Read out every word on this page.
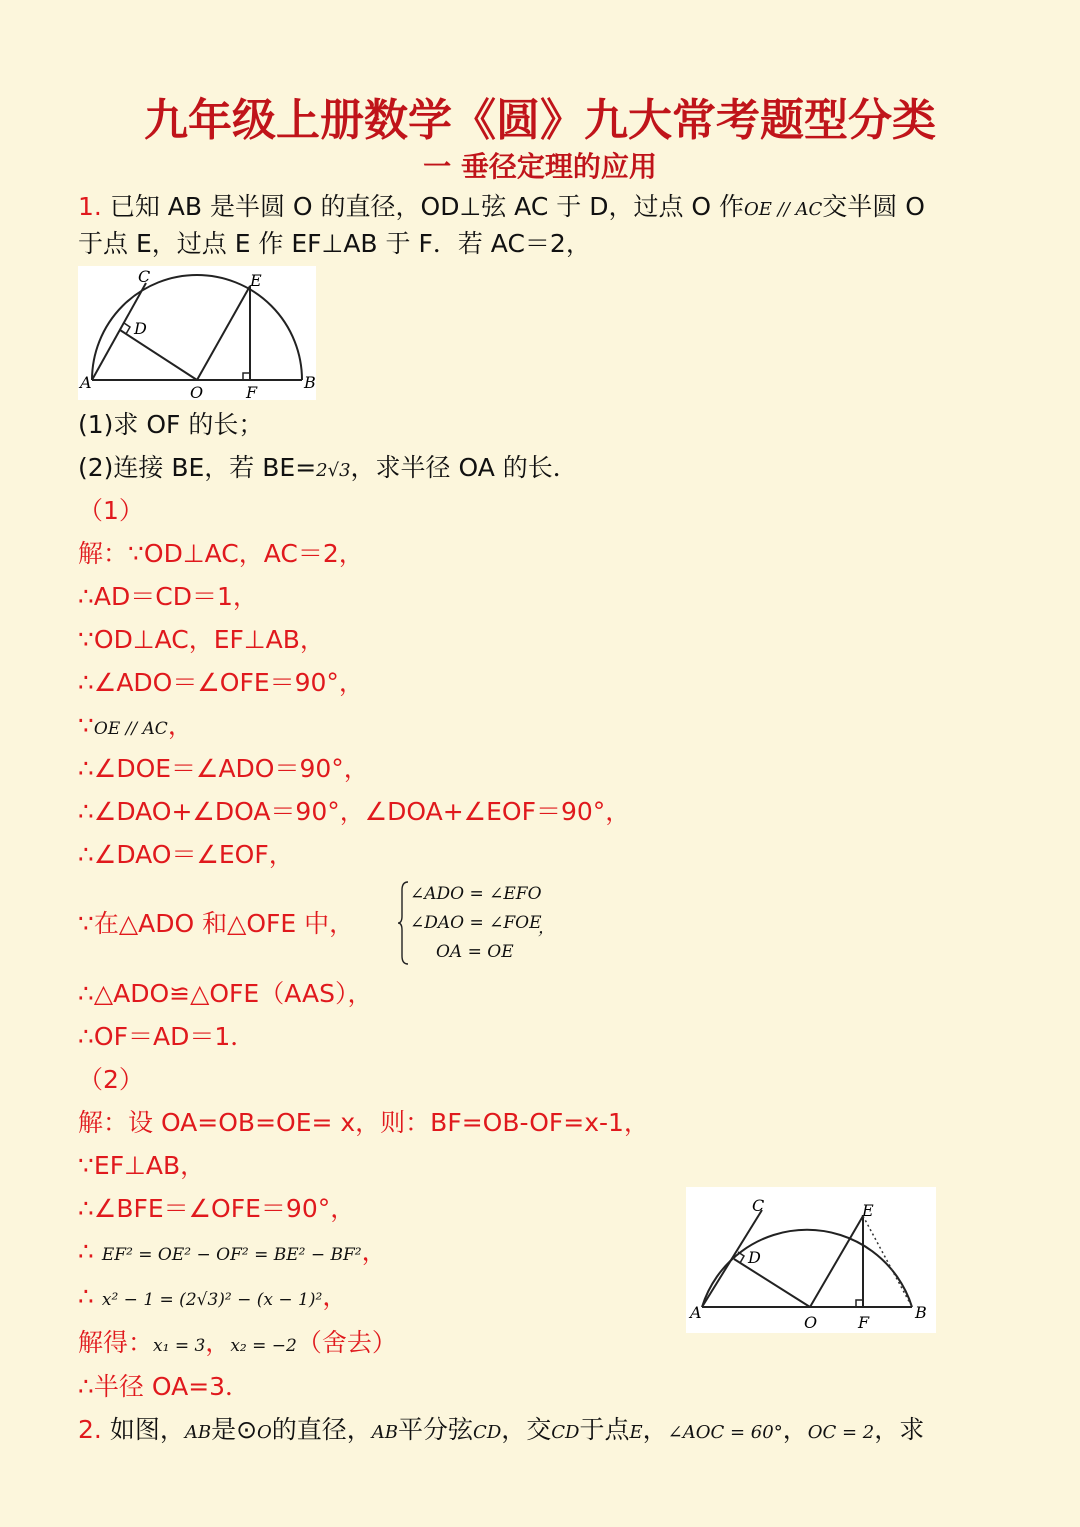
九年级上册数学《圆》九大常考题型分类
一 垂径定理的应用
1. 已知 AB 是半圆 O 的直径，OD⊥弦 AC 于 D，过点 O 作OE // AC交半圆 O
于点 E，过点 E 作 EF⊥AB 于 F．若 AC＝2，
C	E
D
A
O	F
B
(1)求 OF 的长；
(2)连接 BE，若 BE=2√3，求半径 OA 的长．
（1）
解：∵OD⊥AC，AC＝2，
∴AD＝CD＝1，
∵OD⊥AC，EF⊥AB，
∴∠ADO＝∠OFE＝90°，
∵OE // AC，
∴∠DOE＝∠ADO＝90°，
∴∠DAO+∠DOA＝90°，∠DOA+∠EOF＝90°，
∴∠DAO＝∠EOF，
∵在△ADO 和△OFE 中，
∠ADO = ∠EFO
∠DAO = ∠FOE
OA = OE
，
∴△ADO≌△OFE（AAS），
∴OF＝AD＝1．
（2）
解：设 OA=OB=OE= x，则：BF=OB-OF=x-1，
∵EF⊥AB，
∴∠BFE＝∠OFE＝90°，
∴ EF² = OE² − OF² = BE² − BF²，
∴ x² − 1 = (2√3)² − (x − 1)²，
解得：x₁ = 3，x₂ = −2（舍去）
∴半径 OA=3．
C	E
D
A
O	F
B
2. 如图，AB是⊙O的直径，AB平分弦CD，交CD于点E，∠AOC = 60°，OC = 2，求
